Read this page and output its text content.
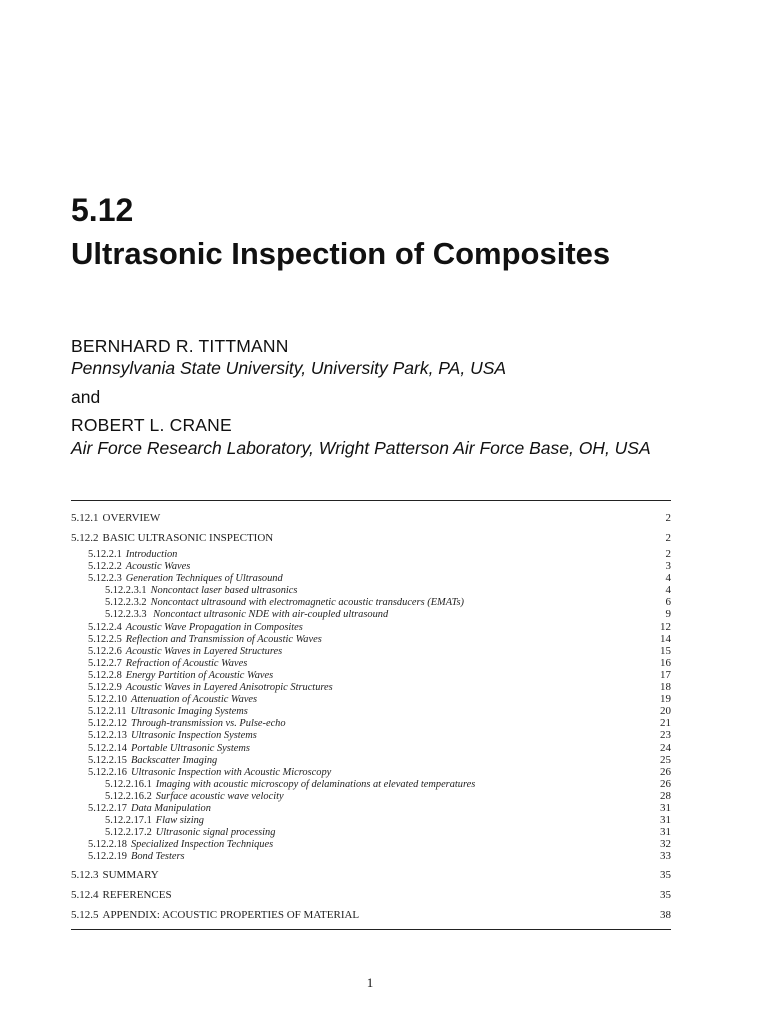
5.12
Ultrasonic Inspection of Composites
BERNHARD R. TITTMANN
Pennsylvania State University, University Park, PA, USA
and
ROBERT L. CRANE
Air Force Research Laboratory, Wright Patterson Air Force Base, OH, USA
5.12.1 OVERVIEW	2
5.12.2 BASIC ULTRASONIC INSPECTION	2
5.12.2.1 Introduction	2
5.12.2.2 Acoustic Waves	3
5.12.2.3 Generation Techniques of Ultrasound	4
5.12.2.3.1 Noncontact laser based ultrasonics	4
5.12.2.3.2 Noncontact ultrasound with electromagnetic acoustic transducers (EMATs)	6
5.12.2.3.3 Noncontact ultrasonic NDE with air-coupled ultrasound	9
5.12.2.4 Acoustic Wave Propagation in Composites	12
5.12.2.5 Reflection and Transmission of Acoustic Waves	14
5.12.2.6 Acoustic Waves in Layered Structures	15
5.12.2.7 Refraction of Acoustic Waves	16
5.12.2.8 Energy Partition of Acoustic Waves	17
5.12.2.9 Acoustic Waves in Layered Anisotropic Structures	18
5.12.2.10 Attenuation of Acoustic Waves	19
5.12.2.11 Ultrasonic Imaging Systems	20
5.12.2.12 Through-transmission vs. Pulse-echo	21
5.12.2.13 Ultrasonic Inspection Systems	23
5.12.2.14 Portable Ultrasonic Systems	24
5.12.2.15 Backscatter Imaging	25
5.12.2.16 Ultrasonic Inspection with Acoustic Microscopy	26
5.12.2.16.1 Imaging with acoustic microscopy of delaminations at elevated temperatures	26
5.12.2.16.2 Surface acoustic wave velocity	28
5.12.2.17 Data Manipulation	31
5.12.2.17.1 Flaw sizing	31
5.12.2.17.2 Ultrasonic signal processing	31
5.12.2.18 Specialized Inspection Techniques	32
5.12.2.19 Bond Testers	33
5.12.3 SUMMARY	35
5.12.4 REFERENCES	35
5.12.5 APPENDIX: ACOUSTIC PROPERTIES OF MATERIAL	38
1
